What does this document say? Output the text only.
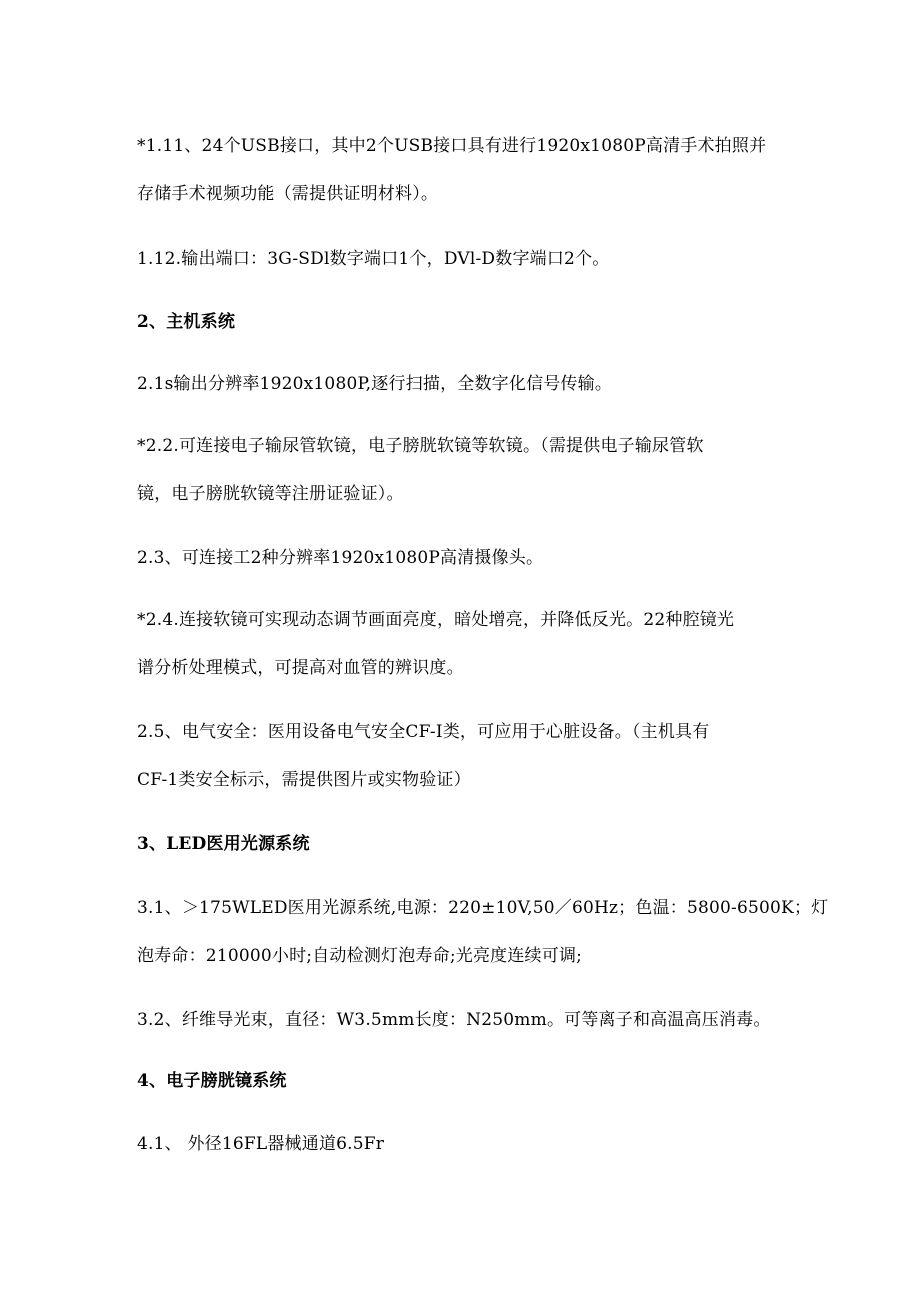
*1.11、24个USB接口，其中2个USB接口具有进行1920x1080P高清手术拍照并
存储手术视频功能（需提供证明材料）。
1.12.输出端口：3G-SDl数字端口1个，DVl-D数字端口2个。
2、主机系统
2.1s输出分辨率1920x1080P,逐行扫描，全数字化信号传输。
*2.2.可连接电子输尿管软镜，电子膀胱软镜等软镜。（需提供电子输尿管软
镜，电子膀胱软镜等注册证验证）。
2.3、可连接工2种分辨率1920x1080P高清摄像头。
*2.4.连接软镜可实现动态调节画面亮度，暗处增亮，并降低反光。22种腔镜光
谱分析处理模式，可提高对血管的辨识度。
2.5、电气安全：医用设备电气安全CF-I类，可应用于心脏设备。（主机具有
CF-1类安全标示，需提供图片或实物验证）
3、LED医用光源系统
3.1、＞175WLED医用光源系统,电源：220±10V,50／60Hz；色温：5800-6500K；灯
泡寿命：210000小时;自动检测灯泡寿命;光亮度连续可调;
3.2、纤维导光束，直径：W3.5mm长度：N250mm。可等离子和高温高压消毒。
4、电子膀胱镜系统
4.1、 外径16FL器械通道6.5Fr
